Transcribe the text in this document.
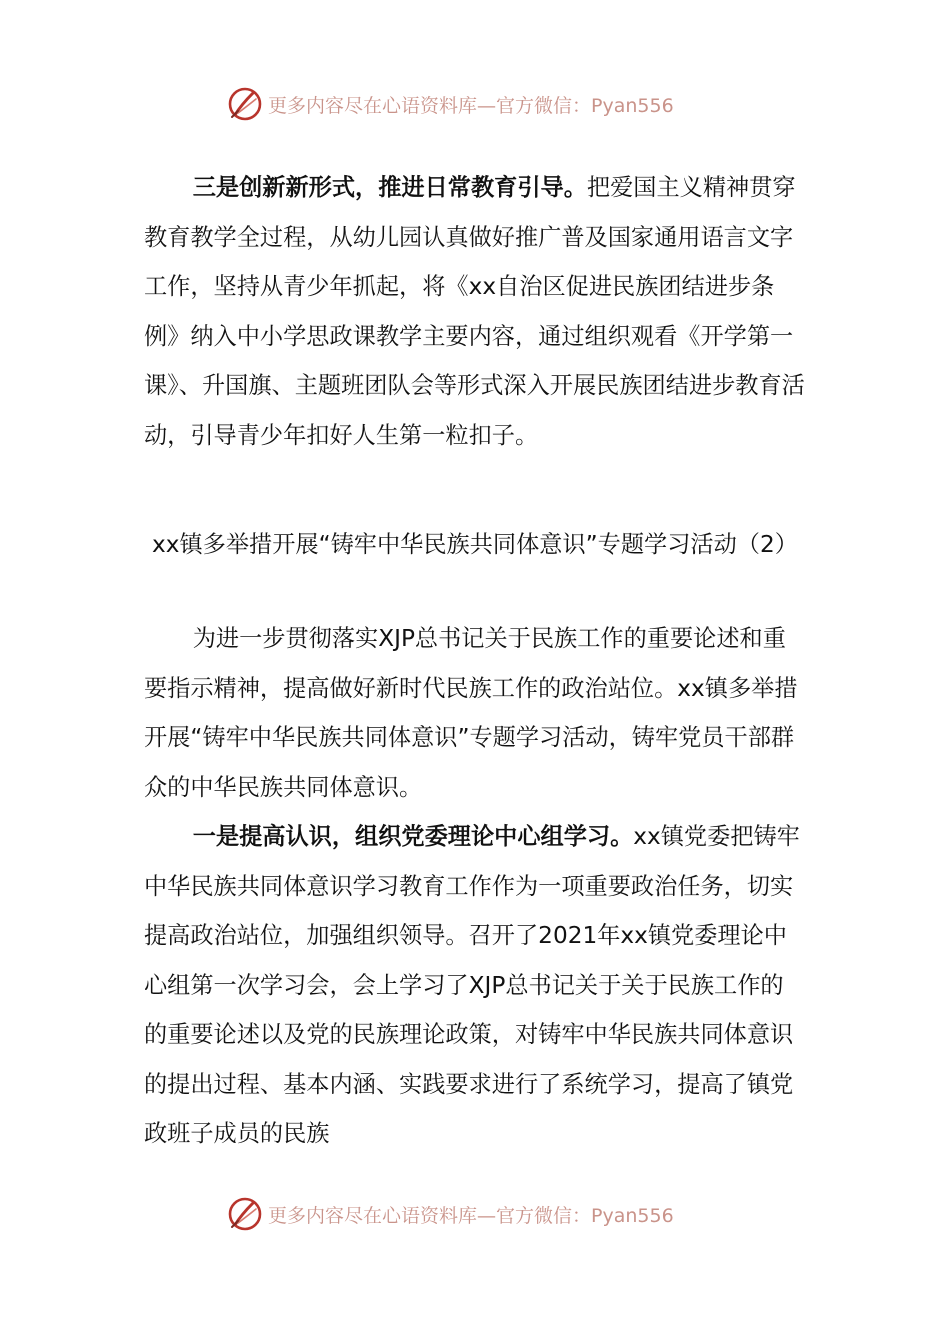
更多内容尽在心语资料库—官方微信：Pyan556

三是创新新形式，推进日常教育引导。把爱国主义精神贯穿教育教学全过程，从幼儿园认真做好推广普及国家通用语言文字工作，坚持从青少年抓起，将《xx自治区促进民族团结进步条例》纳入中小学思政课教学主要内容，通过组织观看《开学第一课》、升国旗、主题班团队会等形式深入开展民族团结进步教育活动，引导青少年扣好人生第一粒扣子。

xx镇多举措开展“铸牢中华民族共同体意识”专题学习活动（2）

为进一步贯彻落实XJP总书记关于民族工作的重要论述和重要指示精神，提高做好新时代民族工作的政治站位。xx镇多举措开展“铸牢中华民族共同体意识”专题学习活动，铸牢党员干部群众的中华民族共同体意识。

一是提高认识，组织党委理论中心组学习。xx镇党委把铸牢中华民族共同体意识学习教育工作作为一项重要政治任务，切实提高政治站位，加强组织领导。召开了2021年xx镇党委理论中心组第一次学习会，会上学习了XJP总书记关于关于民族工作的的重要论述以及党的民族理论政策，对铸牢中华民族共同体意识的提出过程、基本内涵、实践要求进行了系统学习，提高了镇党政班子成员的民族

更多内容尽在心语资料库—官方微信：Pyan556
